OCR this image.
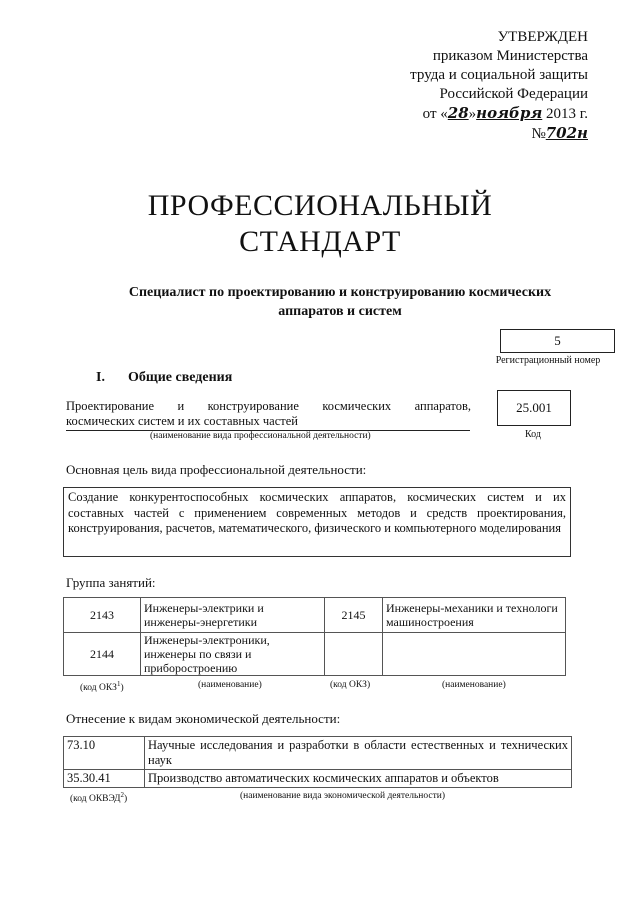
УТВЕРЖДЕН
приказом Министерства
труда и социальной защиты
Российской Федерации
от «28»ноября 2013 г. №702н
ПРОФЕССИОНАЛЬНЫЙ
СТАНДАРТ
Специалист по проектированию и конструированию космических
аппаратов и систем
5
Регистрационный номер
I. Общие сведения
Проектирование и конструирование космических аппаратов,
космических систем и их составных частей
(наименование вида профессиональной деятельности)
25.001
Код
Основная цель вида профессиональной деятельности:
Создание конкурентоспособных космических аппаратов, космических систем и их составных частей с применением современных методов и средств проектирования, конструирования, расчетов, математического, физического и компьютерного моделирования
Группа занятий:
2143	Инженеры-электрики и инженеры-энергетики	2145	Инженеры-механики и технологи машиностроения
2144	Инженеры-электроники, инженеры по связи и приборостроению		
(код ОКЗ$^1$)	(наименование)	(код ОКЗ)	(наименование)
Отнесение к видам экономической деятельности:
73.10	Научные исследования и разработки в области естественных и технических наук
35.30.41	Производство автоматических космических аппаратов и объектов
(код ОКВЭД$^2$)	(наименование вида экономической деятельности)
